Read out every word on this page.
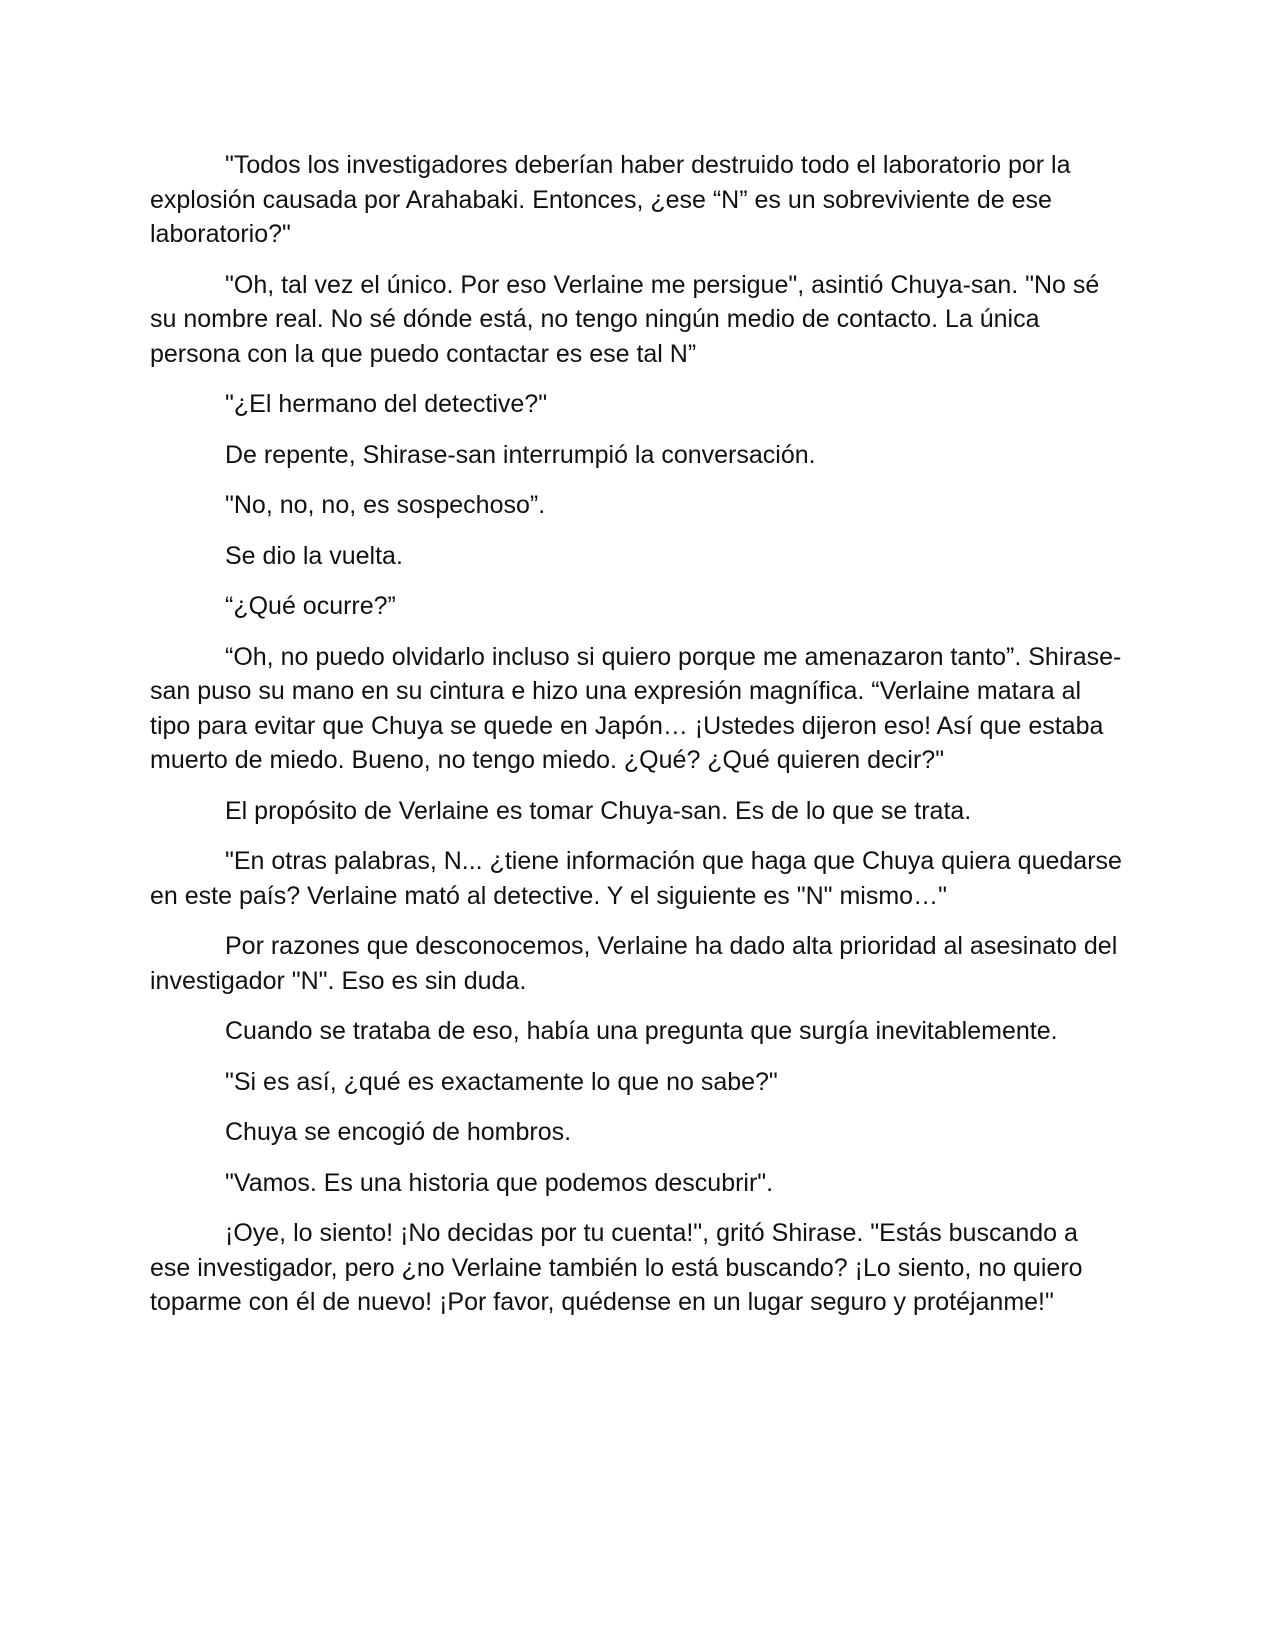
"Todos los investigadores deberían haber destruido todo el laboratorio por la explosión causada por Arahabaki. Entonces, ¿ese “N” es un sobreviviente de ese laboratorio?"

"Oh, tal vez el único. Por eso Verlaine me persigue", asintió Chuya-san. "No sé su nombre real. No sé dónde está, no tengo ningún medio de contacto. La única persona con la que puedo contactar es ese tal N”

"¿El hermano del detective?"

De repente, Shirase-san interrumpió la conversación.

"No, no, no, es sospechoso”.

Se dio la vuelta.

“¿Qué ocurre?”

“Oh, no puedo olvidarlo incluso si quiero porque me amenazaron tanto”. Shirase-san puso su mano en su cintura e hizo una expresión magnífica. “Verlaine matara al tipo para evitar que Chuya se quede en Japón… ¡Ustedes dijeron eso! Así que estaba muerto de miedo. Bueno, no tengo miedo. ¿Qué? ¿Qué quieren decir?"

El propósito de Verlaine es tomar Chuya-san. Es de lo que se trata.

"En otras palabras, N... ¿tiene información que haga que Chuya quiera quedarse en este país? Verlaine mató al detective. Y el siguiente es "N" mismo…"

Por razones que desconocemos, Verlaine ha dado alta prioridad al asesinato del investigador "N". Eso es sin duda.

Cuando se trataba de eso, había una pregunta que surgía inevitablemente.

"Si es así, ¿qué es exactamente lo que no sabe?"

Chuya se encogió de hombros.

"Vamos. Es una historia que podemos descubrir".

¡Oye, lo siento! ¡No decidas por tu cuenta!", gritó Shirase. "Estás buscando a ese investigador, pero ¿no Verlaine también lo está buscando? ¡Lo siento, no quiero toparme con él de nuevo! ¡Por favor, quédense en un lugar seguro y protéjanme!"
